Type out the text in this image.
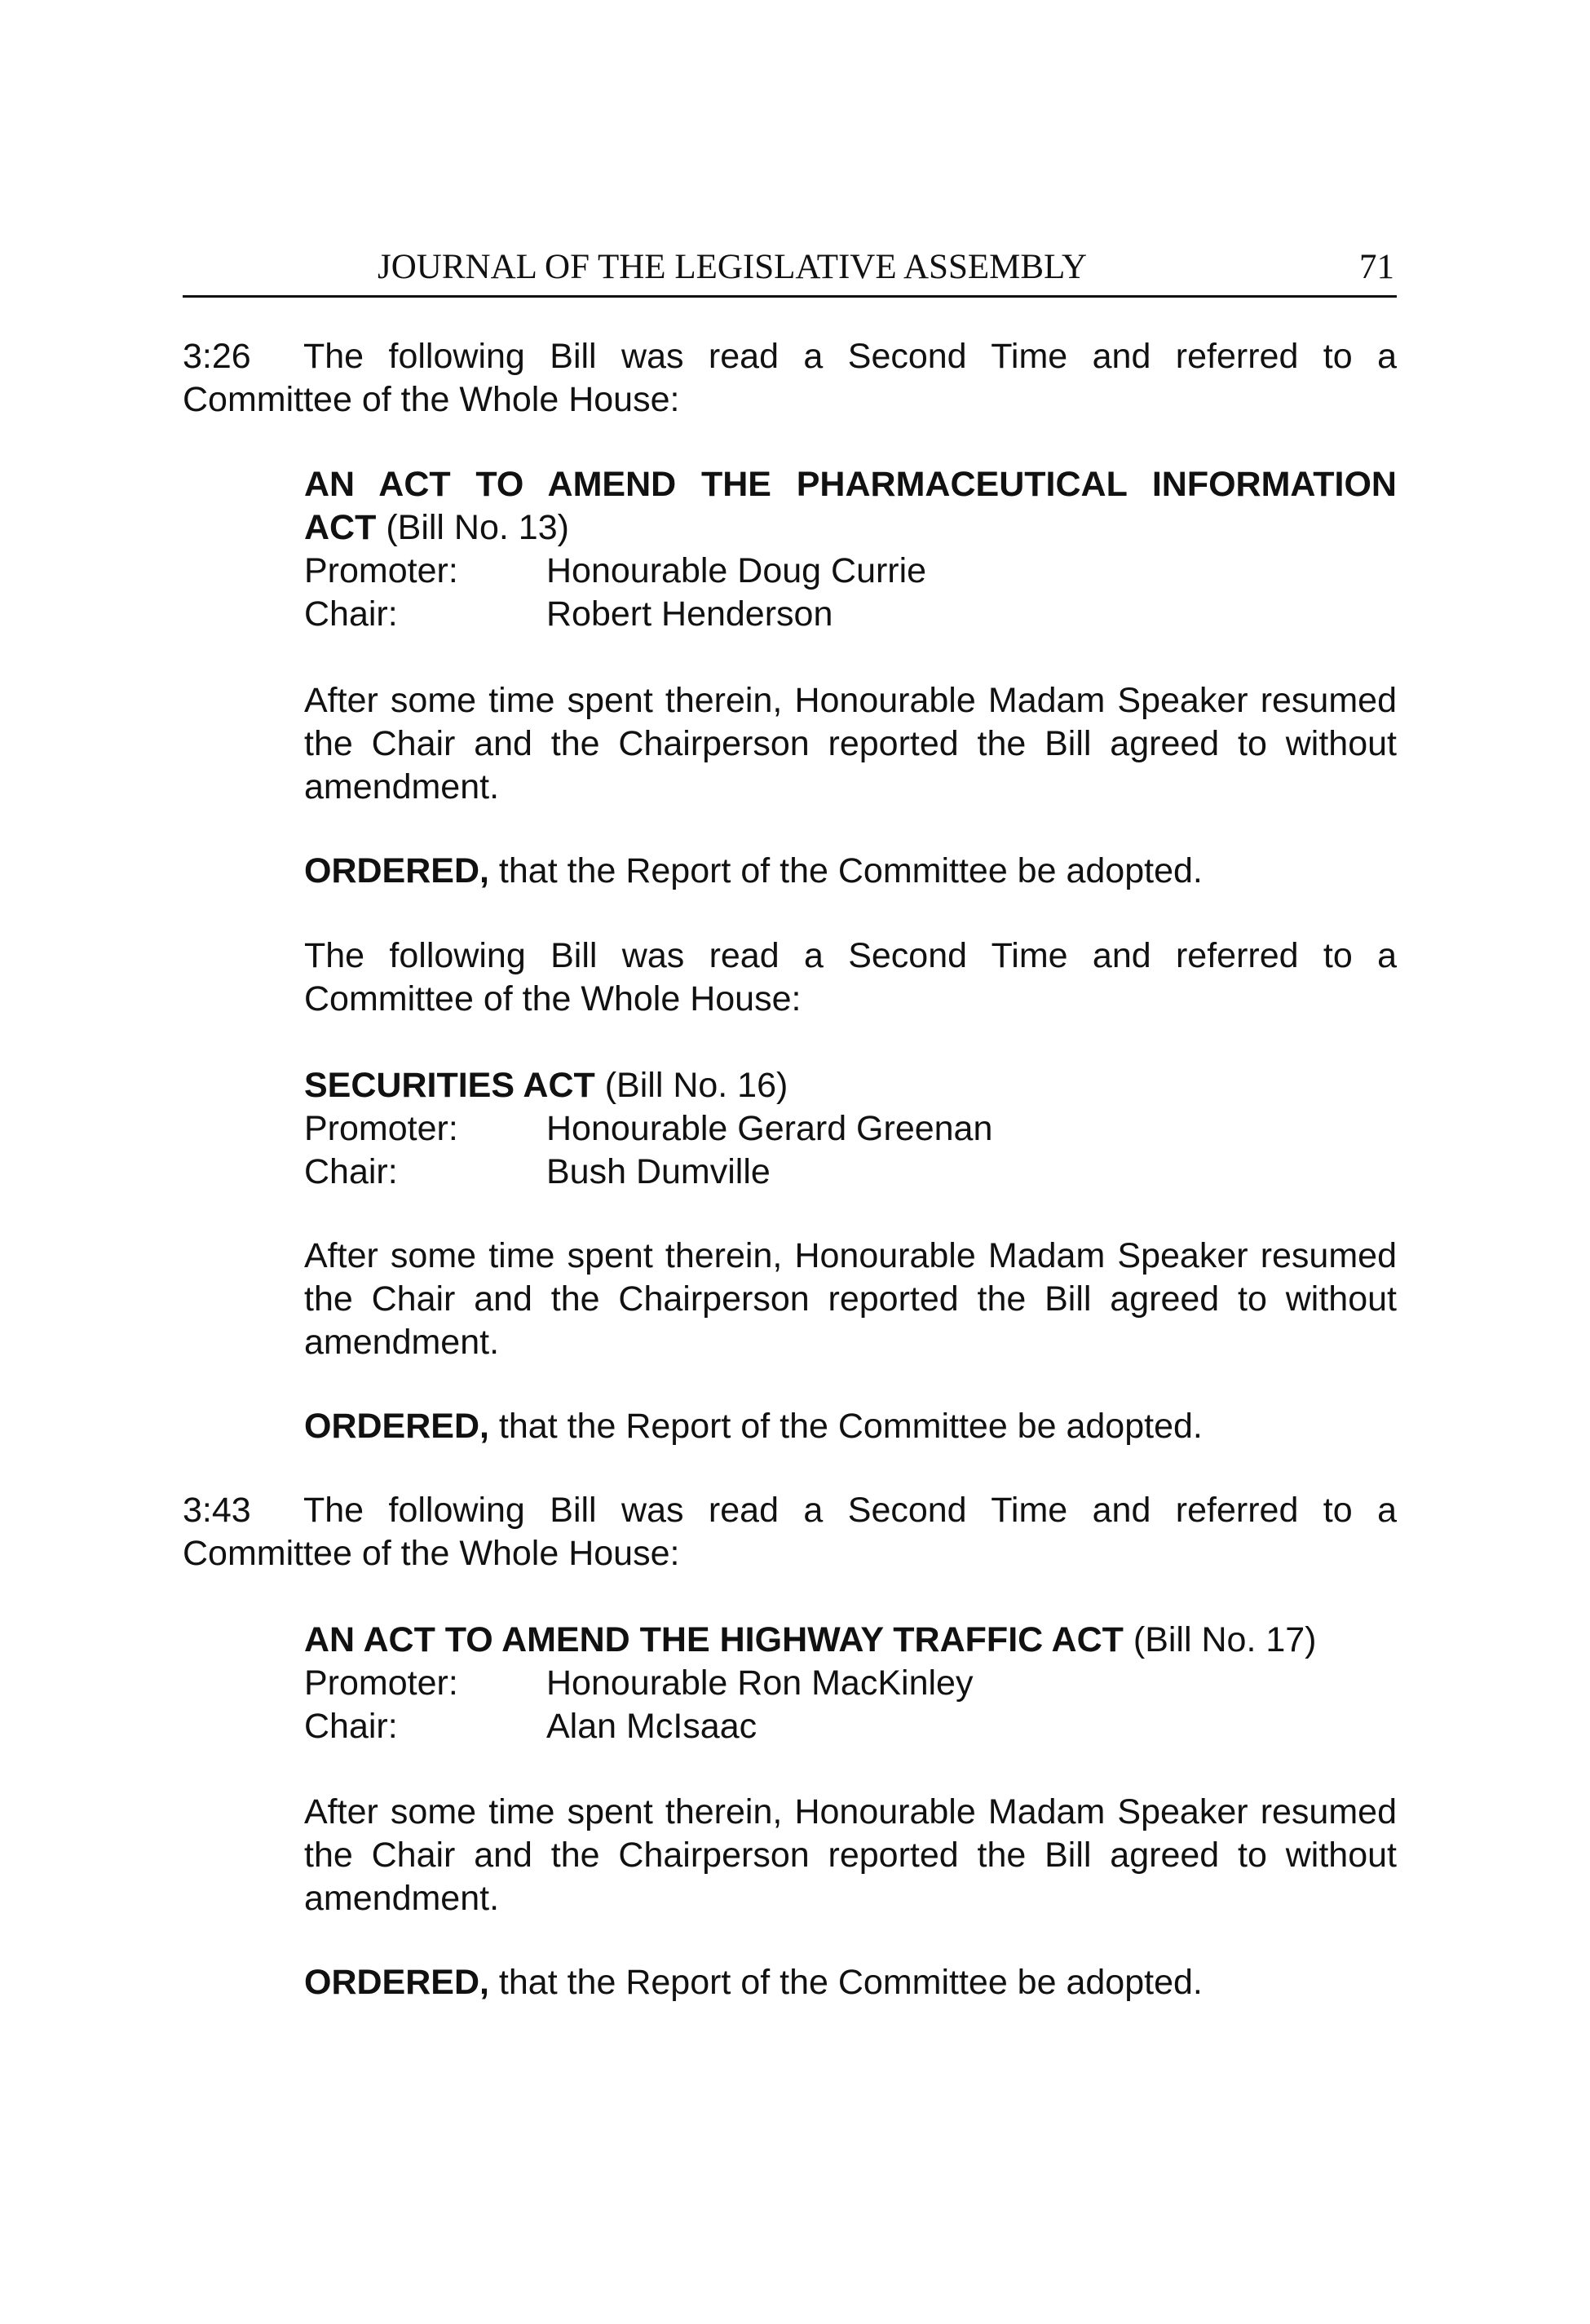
JOURNAL OF THE LEGISLATIVE ASSEMBLY	71
3:26 The following Bill was read a Second Time and referred to a Committee of the Whole House:
AN ACT TO AMEND THE PHARMACEUTICAL INFORMATION
ACT (Bill No. 13)
Promoter:	Honourable Doug Currie
Chair:	Robert Henderson
After some time spent therein, Honourable Madam Speaker resumed the Chair and the Chairperson reported the Bill agreed to without amendment.
ORDERED, that the Report of the Committee be adopted.
The following Bill was read a Second Time and referred to a Committee of the Whole House:
SECURITIES ACT (Bill No. 16)
Promoter:	Honourable Gerard Greenan
Chair:	Bush Dumville
After some time spent therein, Honourable Madam Speaker resumed the Chair and the Chairperson reported the Bill agreed to without amendment.
ORDERED, that the Report of the Committee be adopted.
3:43 The following Bill was read a Second Time and referred to a Committee of the Whole House:
AN ACT TO AMEND THE HIGHWAY TRAFFIC ACT (Bill No. 17)
Promoter:	Honourable Ron MacKinley
Chair:	Alan McIsaac
After some time spent therein, Honourable Madam Speaker resumed the Chair and the Chairperson reported the Bill agreed to without amendment.
ORDERED, that the Report of the Committee be adopted.
